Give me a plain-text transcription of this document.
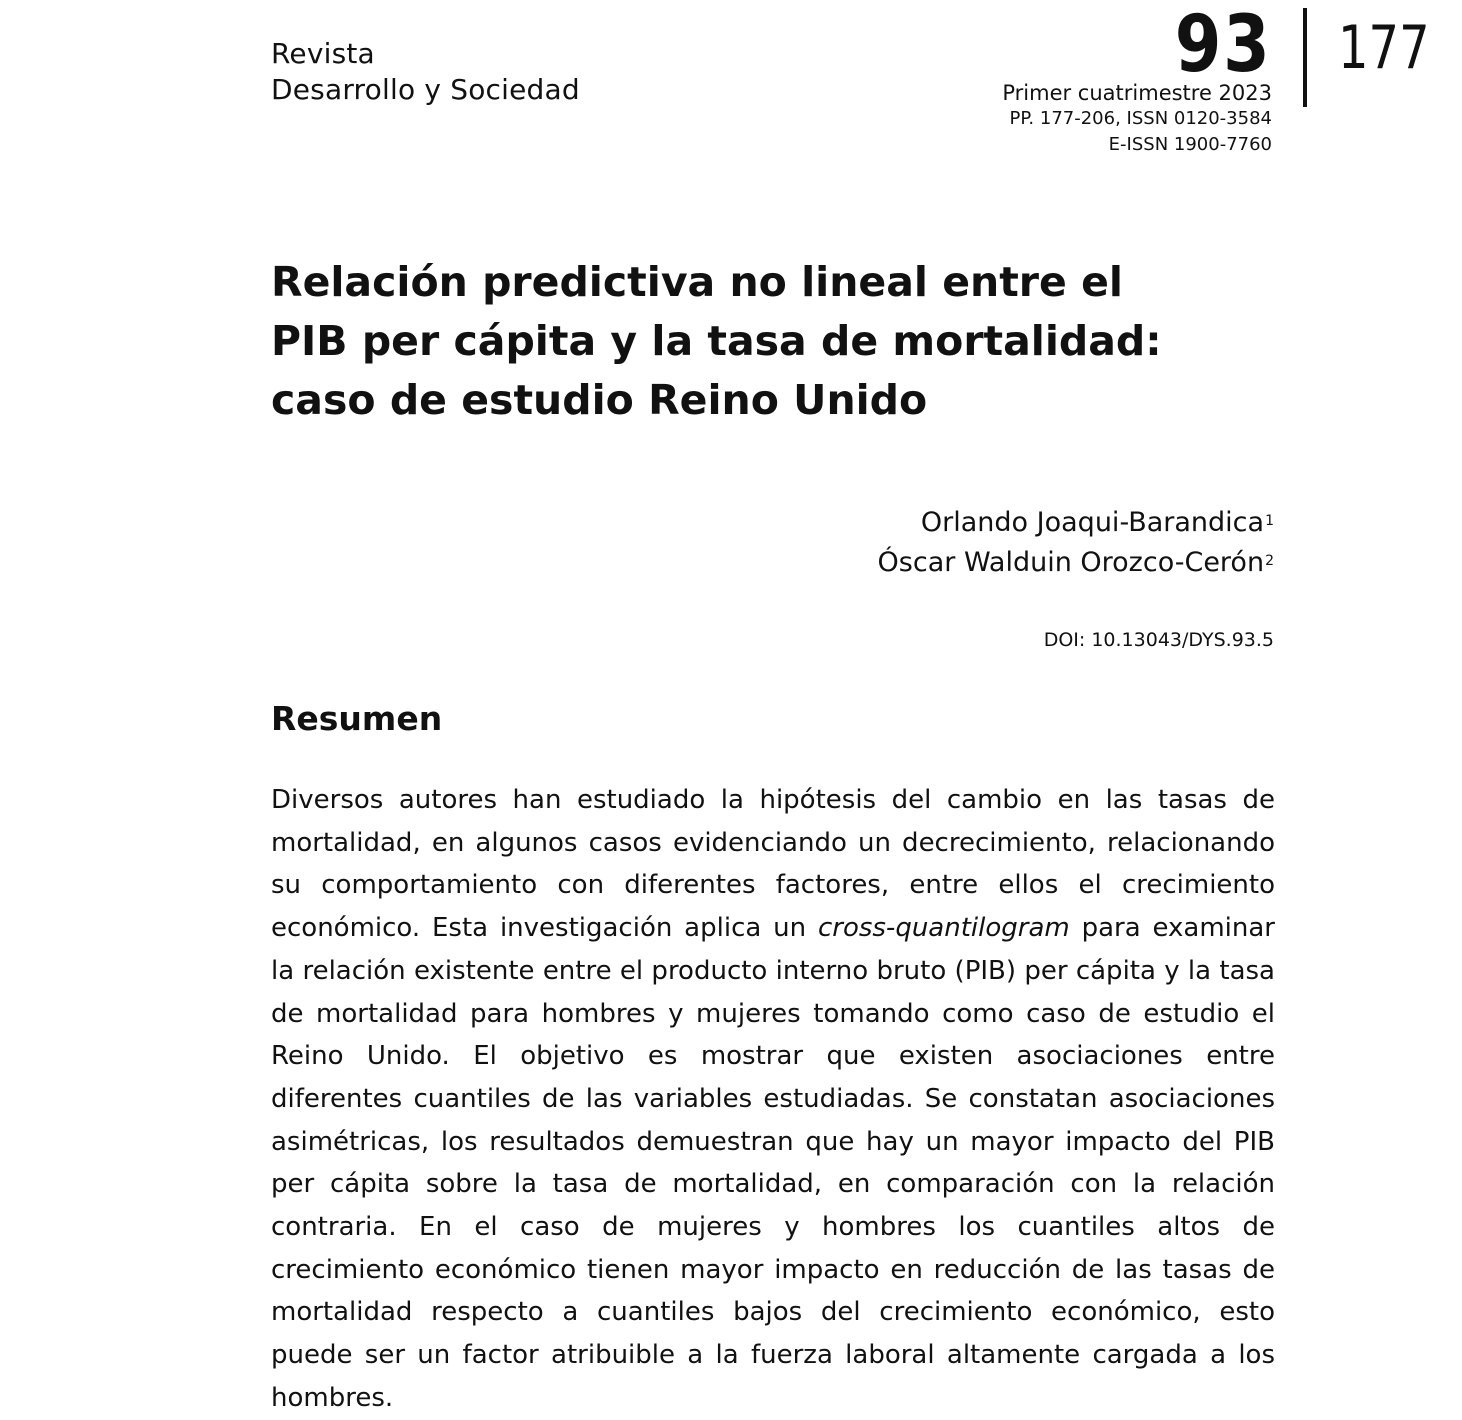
Revista
Desarrollo y Sociedad	93 177
Primer cuatrimestre 2023
PP. 177-206, ISSN 0120-3584
E-ISSN 1900-7760
Relación predictiva no lineal entre el
PIB per cápita y la tasa de mortalidad:
caso de estudio Reino Unido
Orlando Joaqui-Barandica$^1$
Óscar Walduin Orozco-Cerón$^2$
DOI: 10.13043/DYS.93.5
Resumen
Diversos autores han estudiado la hipótesis del cambio en las tasas de mortalidad, en algunos casos evidenciando un decrecimiento, relacionando su comportamiento con diferentes factores, entre ellos el crecimiento económico. Esta investigación aplica un cross-quantilogram para examinar la relación existente entre el producto interno bruto (PIB) per cápita y la tasa de mortalidad para hombres y mujeres tomando como caso de estudio el Reino Unido. El objetivo es mostrar que existen asociaciones entre diferentes cuantiles de las variables estudiadas. Se constatan asociaciones asimétricas, los resultados demuestran que hay un mayor impacto del PIB per cápita sobre la tasa de mortalidad, en comparación con la relación contraria. En el caso de mujeres y hombres los cuantiles altos de crecimiento económico tienen mayor impacto en reducción de las tasas de mortalidad respecto a cuantiles bajos del crecimiento económico, esto puede ser un factor atribuible a la fuerza laboral altamente cargada a los hombres.
